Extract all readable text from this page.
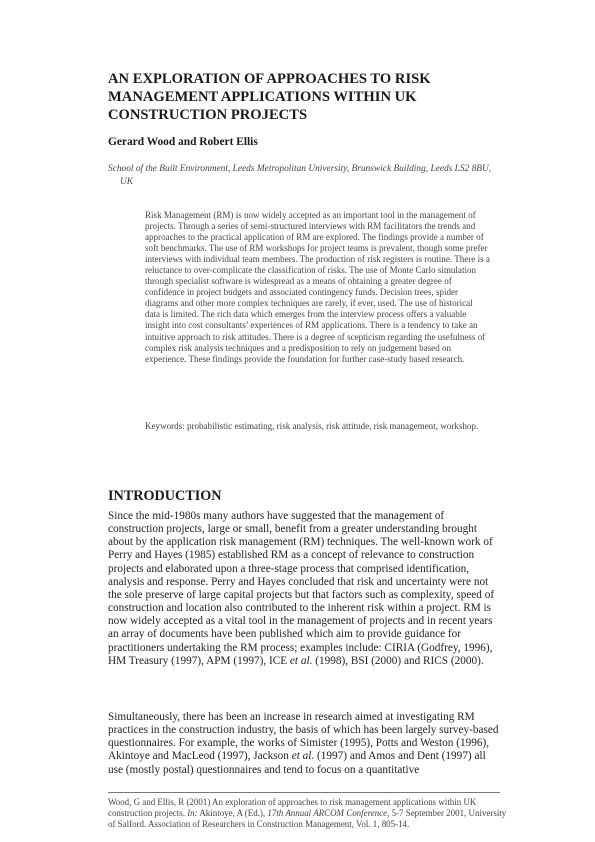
AN EXPLORATION OF APPROACHES TO RISK MANAGEMENT APPLICATIONS WITHIN UK CONSTRUCTION PROJECTS

Gerard Wood and Robert Ellis

School of the Built Environment, Leeds Metropolitan University, Brunswick Building, Leeds LS2 8BU,
UK

Risk Management (RM) is now widely accepted as an important tool in the management of projects. Through a series of semi-structured interviews with RM facilitators the trends and approaches to the practical application of RM are explored. The findings provide a number of soft benchmarks. The use of RM workshops for project teams is prevalent, though some prefer interviews with individual team members. The production of risk registers is routine. There is a reluctance to over-complicate the classification of risks. The use of Monte Carlo simulation through specialist software is widespread as a means of obtaining a greater degree of confidence in project budgets and associated contingency funds. Decision trees, spider diagrams and other more complex techniques are rarely, if ever, used. The use of historical data is limited. The rich data which emerges from the interview process offers a valuable insight into cost consultants’ experiences of RM applications. There is a tendency to take an intuitive approach to risk attitudes. There is a degree of scepticism regarding the usefulness of complex risk analysis techniques and a predisposition to rely on judgement based on experience. These findings provide the foundation for further case-study based research.

Keywords: probabilistic estimating, risk analysis, risk attitude, risk management, workshop.

INTRODUCTION

Since the mid-1980s many authors have suggested that the management of construction projects, large or small, benefit from a greater understanding brought about by the application risk management (RM) techniques. The well-known work of Perry and Hayes (1985) established RM as a concept of relevance to construction projects and elaborated upon a three-stage process that comprised identification, analysis and response. Perry and Hayes concluded that risk and uncertainty were not the sole preserve of large capital projects but that factors such as complexity, speed of construction and location also contributed to the inherent risk within a project. RM is now widely accepted as a vital tool in the management of projects and in recent years an array of documents have been published which aim to provide guidance for practitioners undertaking the RM process; examples include: CIRIA (Godfrey, 1996), HM Treasury (1997), APM (1997), ICE et al. (1998), BSI (2000) and RICS (2000).

Simultaneously, there has been an increase in research aimed at investigating RM practices in the construction industry, the basis of which has been largely survey-based questionnaires. For example, the works of Simister (1995), Potts and Weston (1996), Akintoye and MacLeod (1997), Jackson et al. (1997) and Amos and Dent (1997) all use (mostly postal) questionnaires and tend to focus on a quantitative

Wood, G and Ellis, R (2001) An exploration of approaches to risk management applications within UK construction projects. In: Akintoye, A (Ed.), 17th Annual ARCOM Conference, 5-7 September 2001, University of Salford. Association of Researchers in Construction Management, Vol. 1, 805-14.
